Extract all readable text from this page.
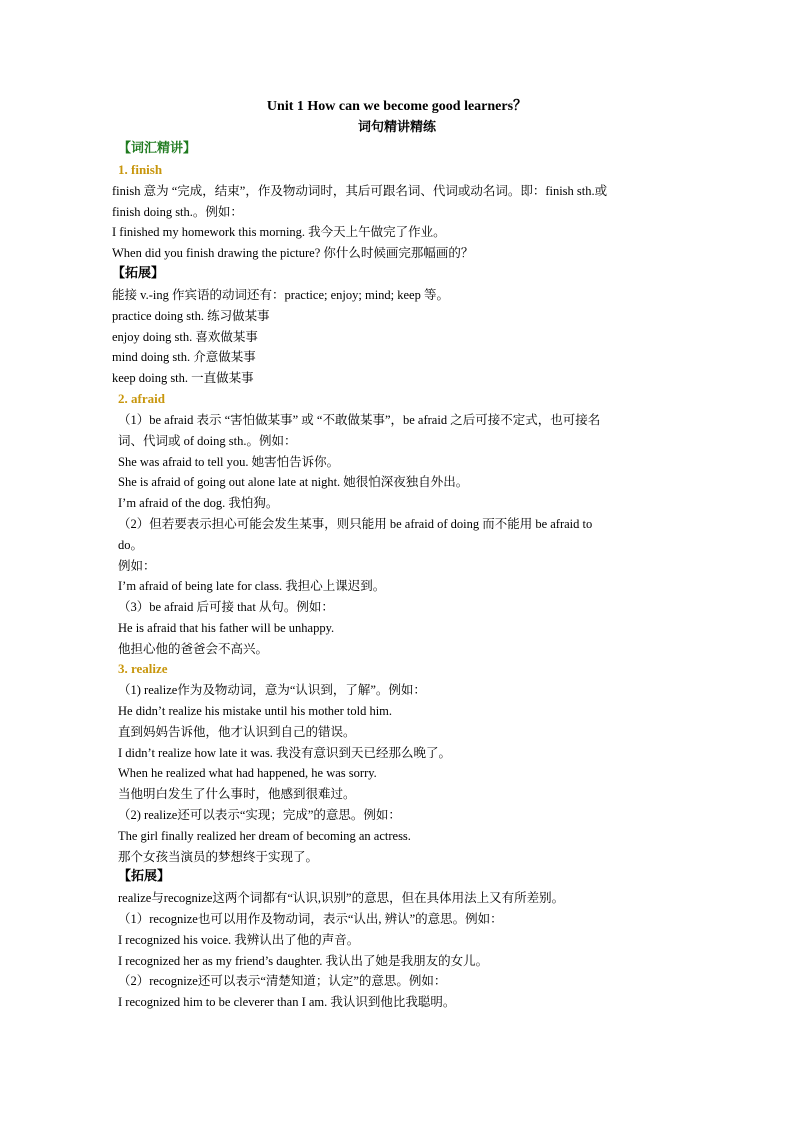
Unit 1 How can we become good learners？
词句精讲精练
【词汇精讲】
1. finish
finish 意为 “完成，结束”，作及物动词时，其后可跟名词、代词或动名词。即：finish sth.或
finish doing sth.。例如：
I finished my homework this morning. 我今天上午做完了作业。
When did you finish drawing the picture? 你什么时候画完那幅画的？
【拓展】
能接 v.-ing 作宾语的动词还有：practice; enjoy; mind; keep 等。
practice doing sth. 练习做某事
enjoy doing sth. 喜欢做某事
mind doing sth. 介意做某事
keep doing sth. 一直做某事
2. afraid
（1）be afraid 表示 “害怕做某事” 或 “不敢做某事”，be afraid 之后可接不定式，也可接名
词、代词或 of doing sth.。例如：
She was afraid to tell you. 她害怕告诉你。
She is afraid of going out alone late at night. 她很怕深夜独自外出。
I’m afraid of the dog. 我怕狗。
（2）但若要表示担心可能会发生某事，则只能用 be afraid of doing 而不能用 be afraid to
do。
例如：
I’m afraid of being late for class. 我担心上课迟到。
（3）be afraid 后可接 that 从句。例如：
He is afraid that his father will be unhappy.
他担心他的爸爸会不高兴。
3. realize
（1) realize作为及物动词，意为“认识到，了解”。例如：
He didn’t realize his mistake until his mother told him.
直到妈妈告诉他，他才认识到自己的错误。
I didn’t realize how late it was. 我没有意识到天已经那么晚了。
When he realized what had happened, he was sorry.
当他明白发生了什么事时，他感到很难过。
（2) realize还可以表示“实现；完成”的意思。例如：
The girl finally realized her dream of becoming an actress.
那个女孩当演员的梦想终于实现了。
【拓展】
realize与recognize这两个词都有“认识,识别”的意思，但在具体用法上又有所差别。
（1）recognize也可以用作及物动词，表示“认出, 辨认”的意思。例如：
I recognized his voice. 我辨认出了他的声音。
I recognized her as my friend’s daughter. 我认出了她是我朋友的女儿。
（2）recognize还可以表示“清楚知道；认定”的意思。例如：
I recognized him to be cleverer than I am. 我认识到他比我聪明。
